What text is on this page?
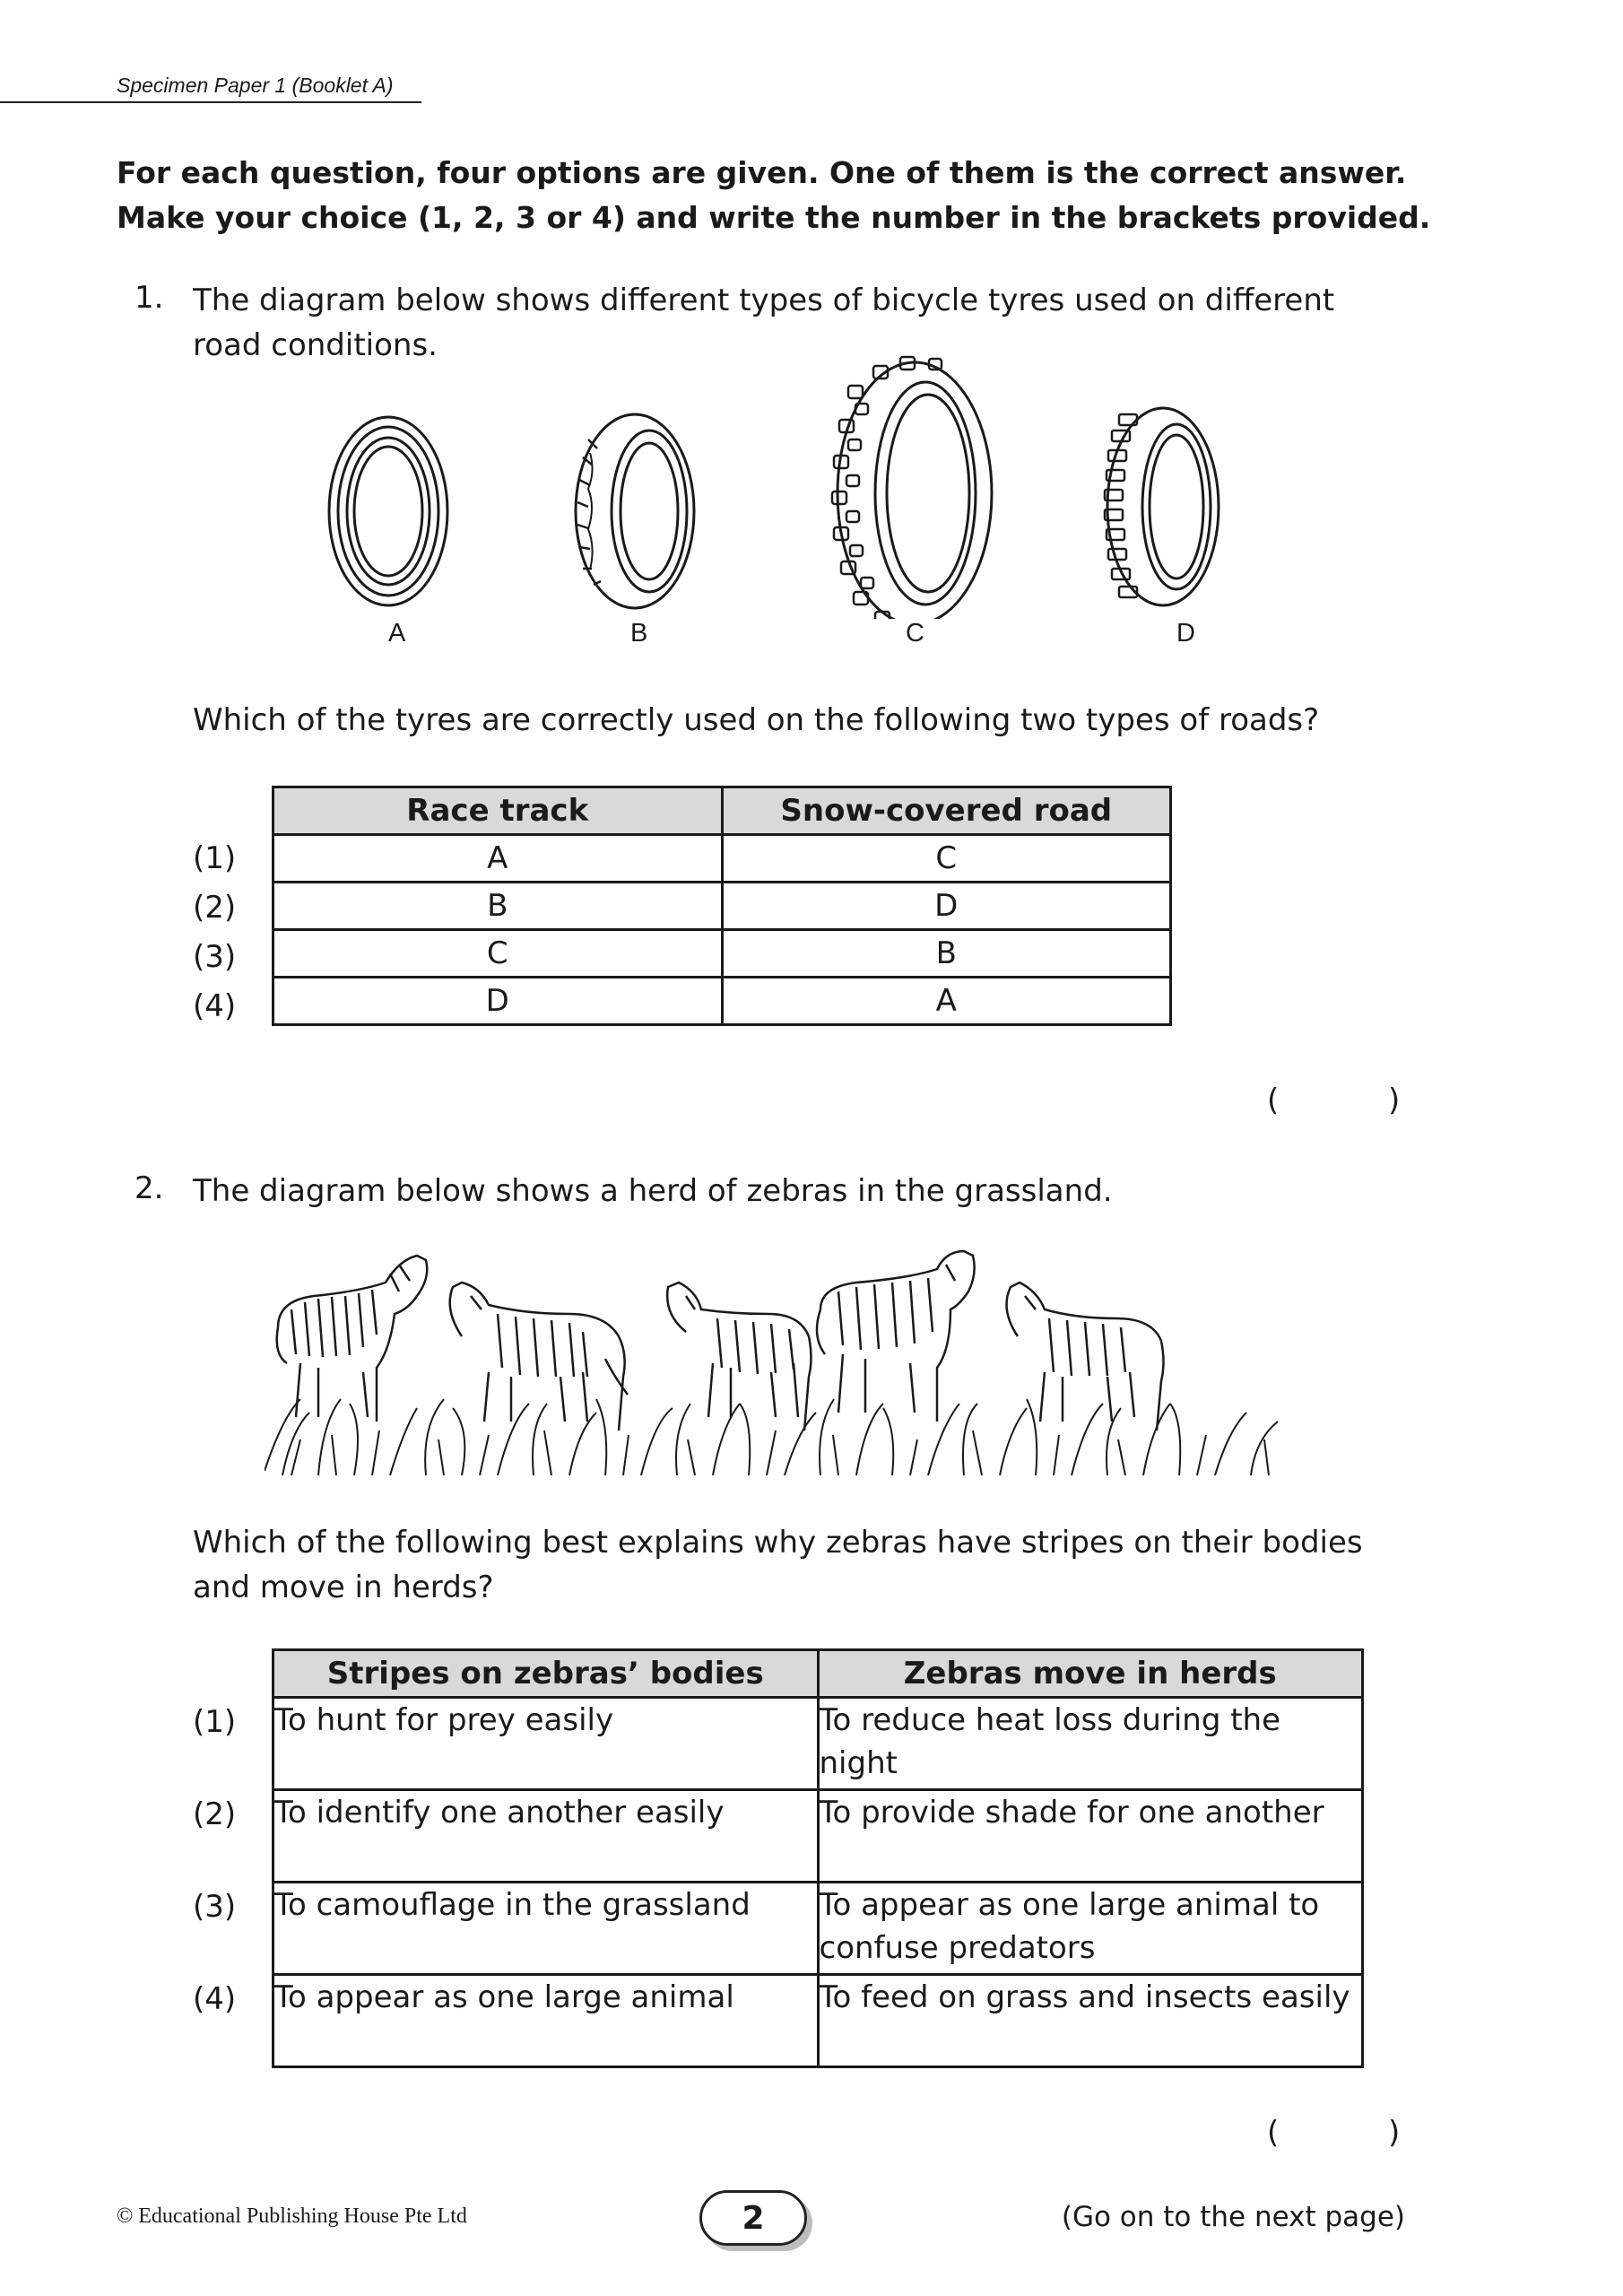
Specimen Paper 1 (Booklet A)
For each question, four options are given. One of them is the correct answer.
Make your choice (1, 2, 3 or 4) and write the number in the brackets provided.
1. The diagram below shows different types of bicycle tyres used on different
road conditions.
A	B	C	D
Which of the tyres are correctly used on the following two types of roads?
(1)
(2)
(3)
(4)
Race track	Snow-covered road
A	C
B	D
C	B
D	A
(	)
2. The diagram below shows a herd of zebras in the grassland.
Which of the following best explains why zebras have stripes on their bodies
and move in herds?
(1)
(2)
(3)
(4)
Stripes on zebras’ bodies	Zebras move in herds
To hunt for prey easily	To reduce heat loss during the night
To identify one another easily	To provide shade for one another
To camouflage in the grassland	To appear as one large animal to confuse predators
To appear as one large animal	To feed on grass and insects easily
(	)
© Educational Publishing House Pte Ltd	2	(Go on to the next page)
